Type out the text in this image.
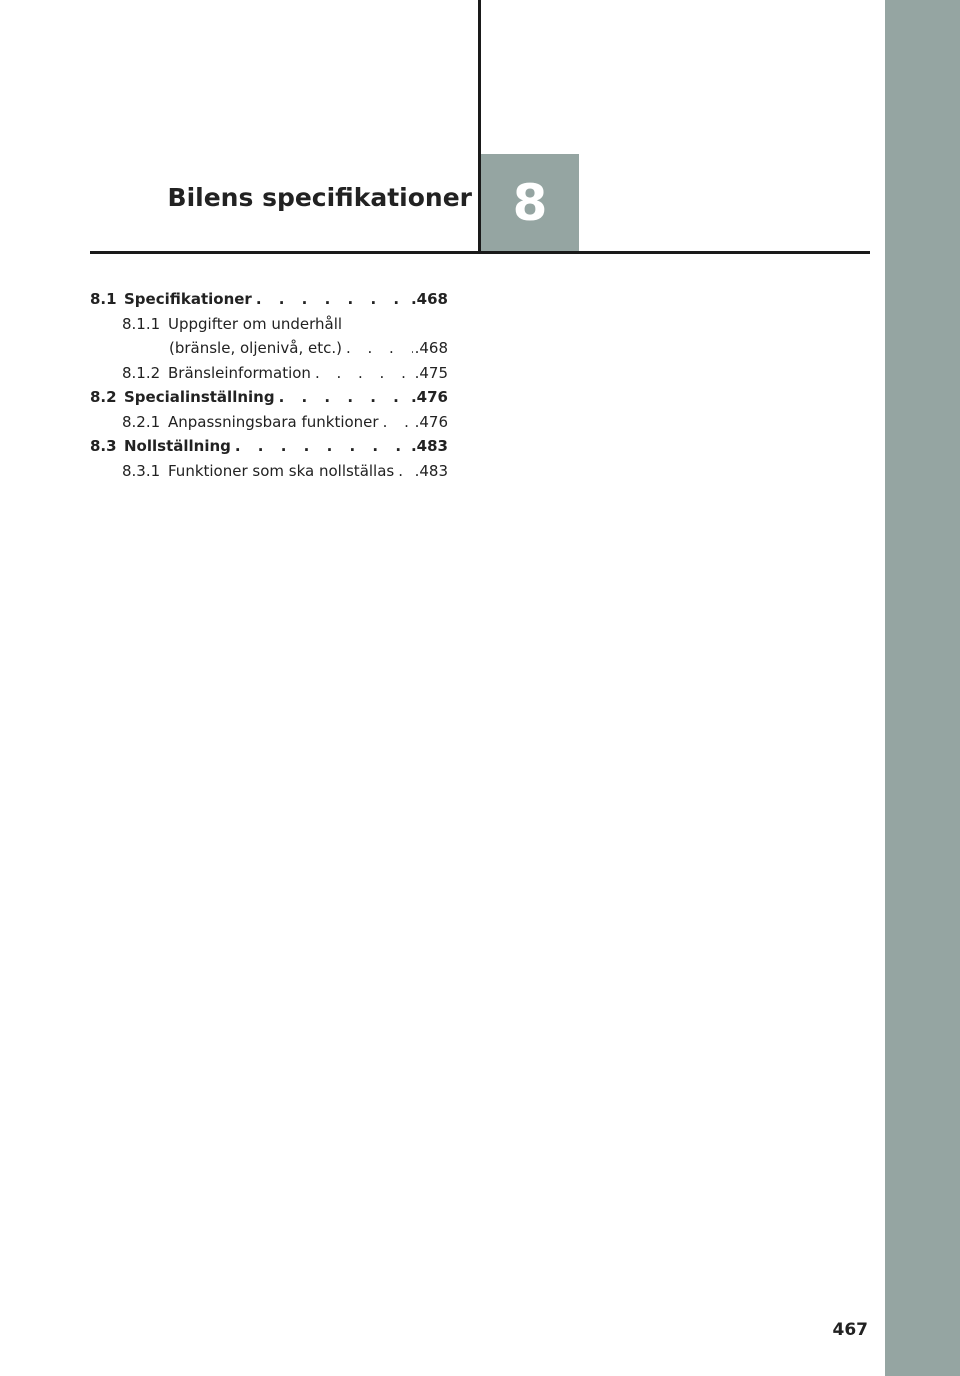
Bilens specifikationer 8
8.1 Specifikationer . . .	.468
8.1.1 Uppgifter om underhåll
(bränsle, oljenivå, etc.) . . .	.468
8.1.2 Bränsleinformation . . .	.475
8.2 Specialinställning . . .	.476
8.2.1 Anpassningsbara funktioner . . . .476
8.3 Nollställning . . .	.483
8.3.1 Funktioner som ska nollställas . . . .483
467
